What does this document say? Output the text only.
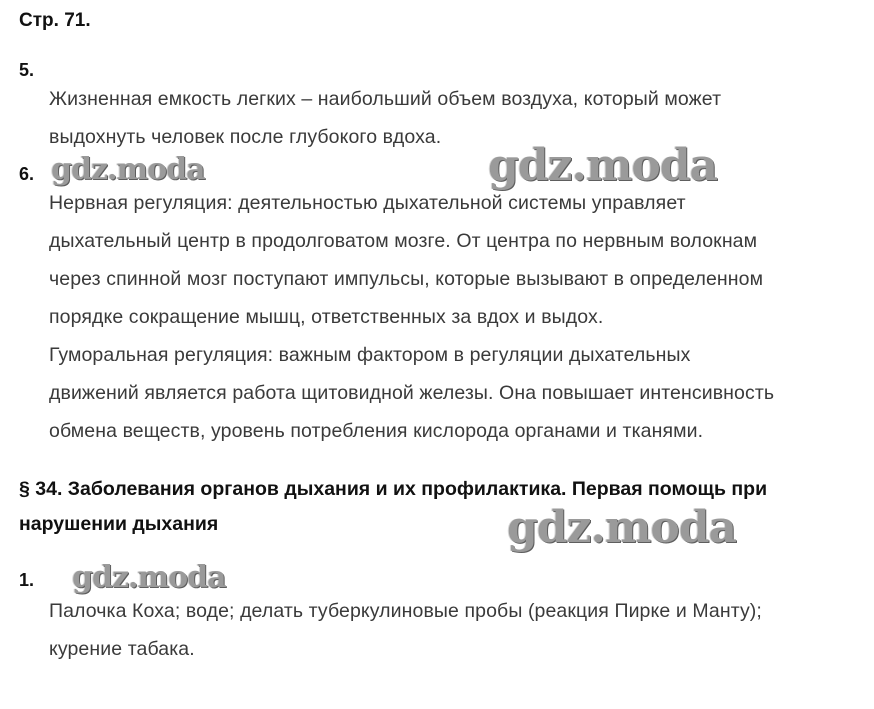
Стр. 71.
5.
Жизненная емкость легких – наибольший объем воздуха, который может
выдохнуть человек после глубокого вдоха.
6.
Нервная регуляция: деятельностью дыхательной системы управляет
дыхательный центр в продолговатом мозге. От центра по нервным волокнам
через спинной мозг поступают импульсы, которые вызывают в определенном
порядке сокращение мышц, ответственных за вдох и выдох.
Гуморальная регуляция: важным фактором в регуляции дыхательных
движений является работа щитовидной железы. Она повышает интенсивность
обмена веществ, уровень потребления кислорода органами и тканями.
§ 34. Заболевания органов дыхания и их профилактика. Первая помощь при
нарушении дыхания
1.
Палочка Коха; воде; делать туберкулиновые пробы (реакция Пирке и Манту);
курение табака.
gdz.moda	gdz.moda
gdz.moda
gdz.moda
